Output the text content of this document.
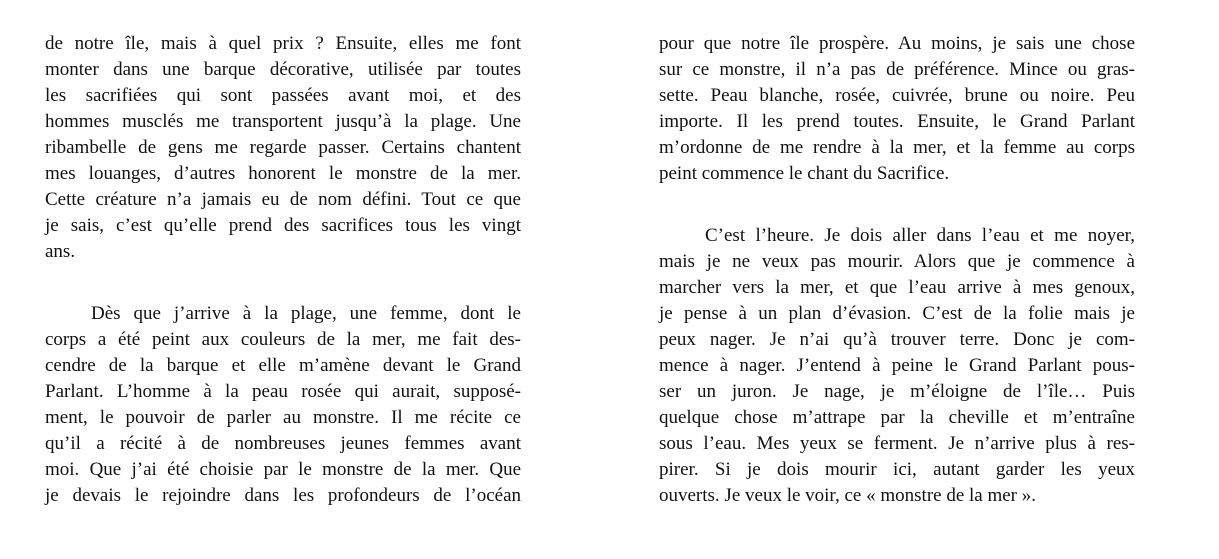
de notre île, mais à quel prix ? Ensuite, elles me font
monter dans une barque décorative, utilisée par toutes
les sacrifiées qui sont passées avant moi, et des
hommes musclés me transportent jusqu’à la plage. Une
ribambelle de gens me regarde passer. Certains chantent
mes louanges, d’autres honorent le monstre de la mer.
Cette créature n’a jamais eu de nom défini. Tout ce que
je sais, c’est qu’elle prend des sacrifices tous les vingt
ans.
Dès que j’arrive à la plage, une femme, dont le
corps a été peint aux couleurs de la mer, me fait des-
cendre de la barque et elle m’amène devant le Grand
Parlant. L’homme à la peau rosée qui aurait, supposé-
ment, le pouvoir de parler au monstre. Il me récite ce
qu’il a récité à de nombreuses jeunes femmes avant
moi. Que j’ai été choisie par le monstre de la mer. Que
je devais le rejoindre dans les profondeurs de l’océan
pour que notre île prospère. Au moins, je sais une chose
sur ce monstre, il n’a pas de préférence. Mince ou gras-
sette. Peau blanche, rosée, cuivrée, brune ou noire. Peu
importe. Il les prend toutes. Ensuite, le Grand Parlant
m’ordonne de me rendre à la mer, et la femme au corps
peint commence le chant du Sacrifice.
C’est l’heure. Je dois aller dans l’eau et me noyer,
mais je ne veux pas mourir. Alors que je commence à
marcher vers la mer, et que l’eau arrive à mes genoux,
je pense à un plan d’évasion. C’est de la folie mais je
peux nager. Je n’ai qu’à trouver terre. Donc je com-
mence à nager. J’entend à peine le Grand Parlant pous-
ser un juron. Je nage, je m’éloigne de l’île… Puis
quelque chose m’attrape par la cheville et m’entraîne
sous l’eau. Mes yeux se ferment. Je n’arrive plus à res-
pirer. Si je dois mourir ici, autant garder les yeux
ouverts. Je veux le voir, ce « monstre de la mer ».
